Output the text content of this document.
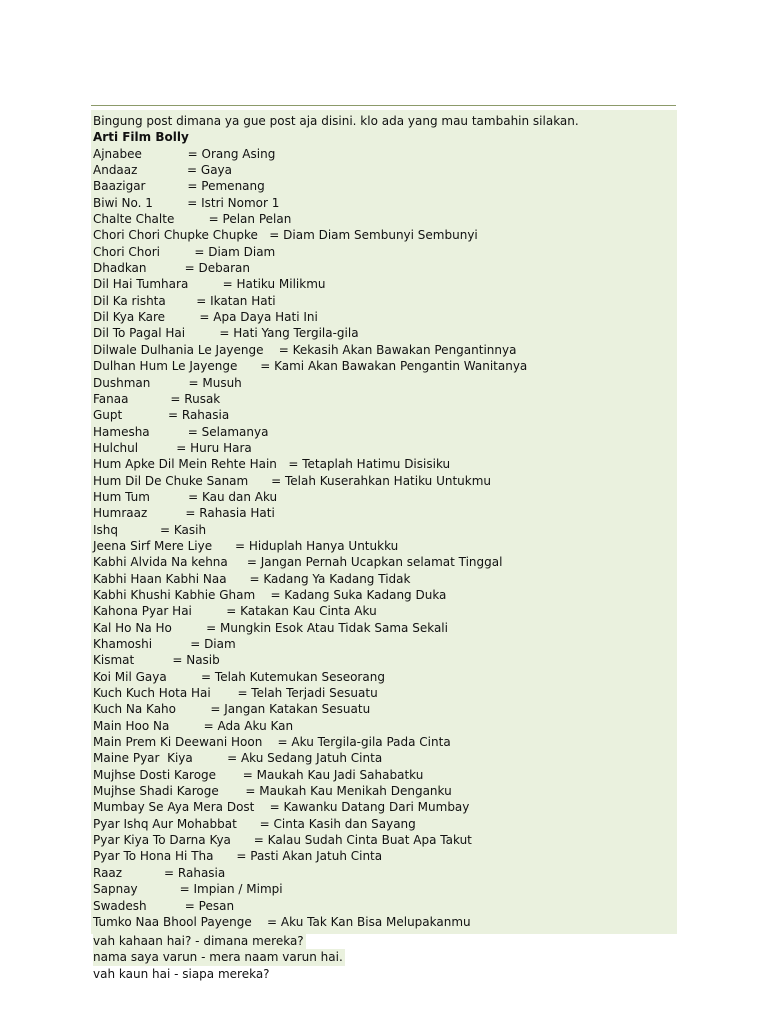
Bingung post dimana ya gue post aja disini. klo ada yang mau tambahin silakan.
Arti Film Bolly
Ajnabee            = Orang Asing
Andaaz             = Gaya
Baazigar           = Pemenang
Biwi No. 1         = Istri Nomor 1
Chalte Chalte         = Pelan Pelan
Chori Chori Chupke Chupke   = Diam Diam Sembunyi Sembunyi
Chori Chori         = Diam Diam
Dhadkan          = Debaran
Dil Hai Tumhara         = Hatiku Milikmu
Dil Ka rishta        = Ikatan Hati
Dil Kya Kare         = Apa Daya Hati Ini
Dil To Pagal Hai         = Hati Yang Tergila-gila
Dilwale Dulhania Le Jayenge    = Kekasih Akan Bawakan Pengantinnya
Dulhan Hum Le Jayenge      = Kami Akan Bawakan Pengantin Wanitanya
Dushman          = Musuh
Fanaa           = Rusak
Gupt            = Rahasia
Hamesha          = Selamanya
Hulchul          = Huru Hara
Hum Apke Dil Mein Rehte Hain   = Tetaplah Hatimu Disisiku
Hum Dil De Chuke Sanam      = Telah Kuserahkan Hatiku Untukmu
Hum Tum          = Kau dan Aku
Humraaz          = Rahasia Hati
Ishq           = Kasih
Jeena Sirf Mere Liye      = Hiduplah Hanya Untukku
Kabhi Alvida Na kehna     = Jangan Pernah Ucapkan selamat Tinggal
Kabhi Haan Kabhi Naa      = Kadang Ya Kadang Tidak
Kabhi Khushi Kabhie Gham    = Kadang Suka Kadang Duka
Kahona Pyar Hai         = Katakan Kau Cinta Aku
Kal Ho Na Ho         = Mungkin Esok Atau Tidak Sama Sekali
Khamoshi          = Diam
Kismat          = Nasib
Koi Mil Gaya         = Telah Kutemukan Seseorang
Kuch Kuch Hota Hai       = Telah Terjadi Sesuatu
Kuch Na Kaho         = Jangan Katakan Sesuatu
Main Hoo Na         = Ada Aku Kan
Main Prem Ki Deewani Hoon    = Aku Tergila-gila Pada Cinta
Maine Pyar  Kiya         = Aku Sedang Jatuh Cinta
Mujhse Dosti Karoge       = Maukah Kau Jadi Sahabatku
Mujhse Shadi Karoge       = Maukah Kau Menikah Denganku
Mumbay Se Aya Mera Dost    = Kawanku Datang Dari Mumbay
Pyar Ishq Aur Mohabbat      = Cinta Kasih dan Sayang
Pyar Kiya To Darna Kya      = Kalau Sudah Cinta Buat Apa Takut
Pyar To Hona Hi Tha      = Pasti Akan Jatuh Cinta
Raaz           = Rahasia
Sapnay           = Impian / Mimpi
Swadesh          = Pesan
Tumko Naa Bhool Payenge    = Aku Tak Kan Bisa Melupakanmu
vah kahaan hai? - dimana mereka?
nama saya varun - mera naam varun hai.
vah kaun hai - siapa mereka?
